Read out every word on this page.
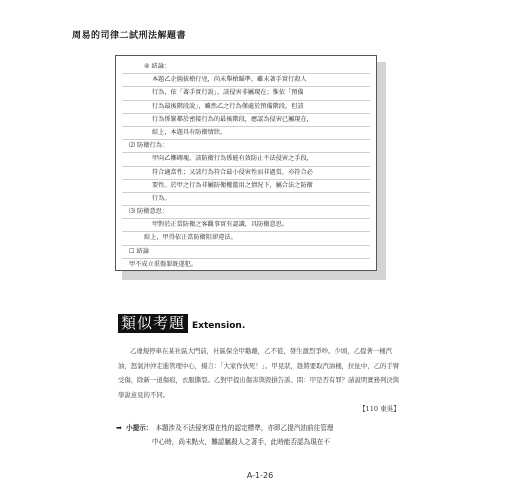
周易的司律二試刑法解題書
④ 結論：
本題乙企圖拔槍行兇，尚未舉槍瞄準，雖未著手實行殺人
行為，依「著手實行說」，該侵害非屬現在；惟依「預備
行為最後階段說」，雖然乙之行為僅處於預備階段，但該
行為係緊鄰於密接行為的最後階段，應認為侵害已屬現在，
綜上，本題具有防衛情狀。
⑵ 防衛行為：
甲向乙擲磚塊，該防衛行為係能有效防止不法侵害之手段，
符合適當性；又該行為符合最小侵害性而非過當，亦符合必
要性。於甲之行為非屬防衛權濫用之情況下，屬合法之防衛
行為。
⑶ 防衛意思：
甲對於正當防衛之客觀事實有認識，具防衛意思。
綜上，甲得依正當防衛阻卻違法。
☐ 結論
甲不成立重傷罪既遂犯。
類似考題 Extension.
乙違規停車在某社區大門前，社區保全甲勸離，乙不從，發生激烈爭吵。少頃，乙提著一桶汽油，怒氣沖沖走進管理中心，揚言：「大家作伙死！」。甲見狀，趁將要取汽油桶，拉扯中，乙的手臂受傷，除新一道傷痕，衣服撕裂。乙對甲提出傷害與毀損告訴。問：甲是否有罪？請說明實務判決與學說意見的不同。
【110 東吳】
➡ 小提示： 本題涉及不法侵害現在性的認定標準，亦即乙提汽油前往管理
中心時，尚未點火，難認屬殺人之著手，此時能否認為現在不
A-1-26
